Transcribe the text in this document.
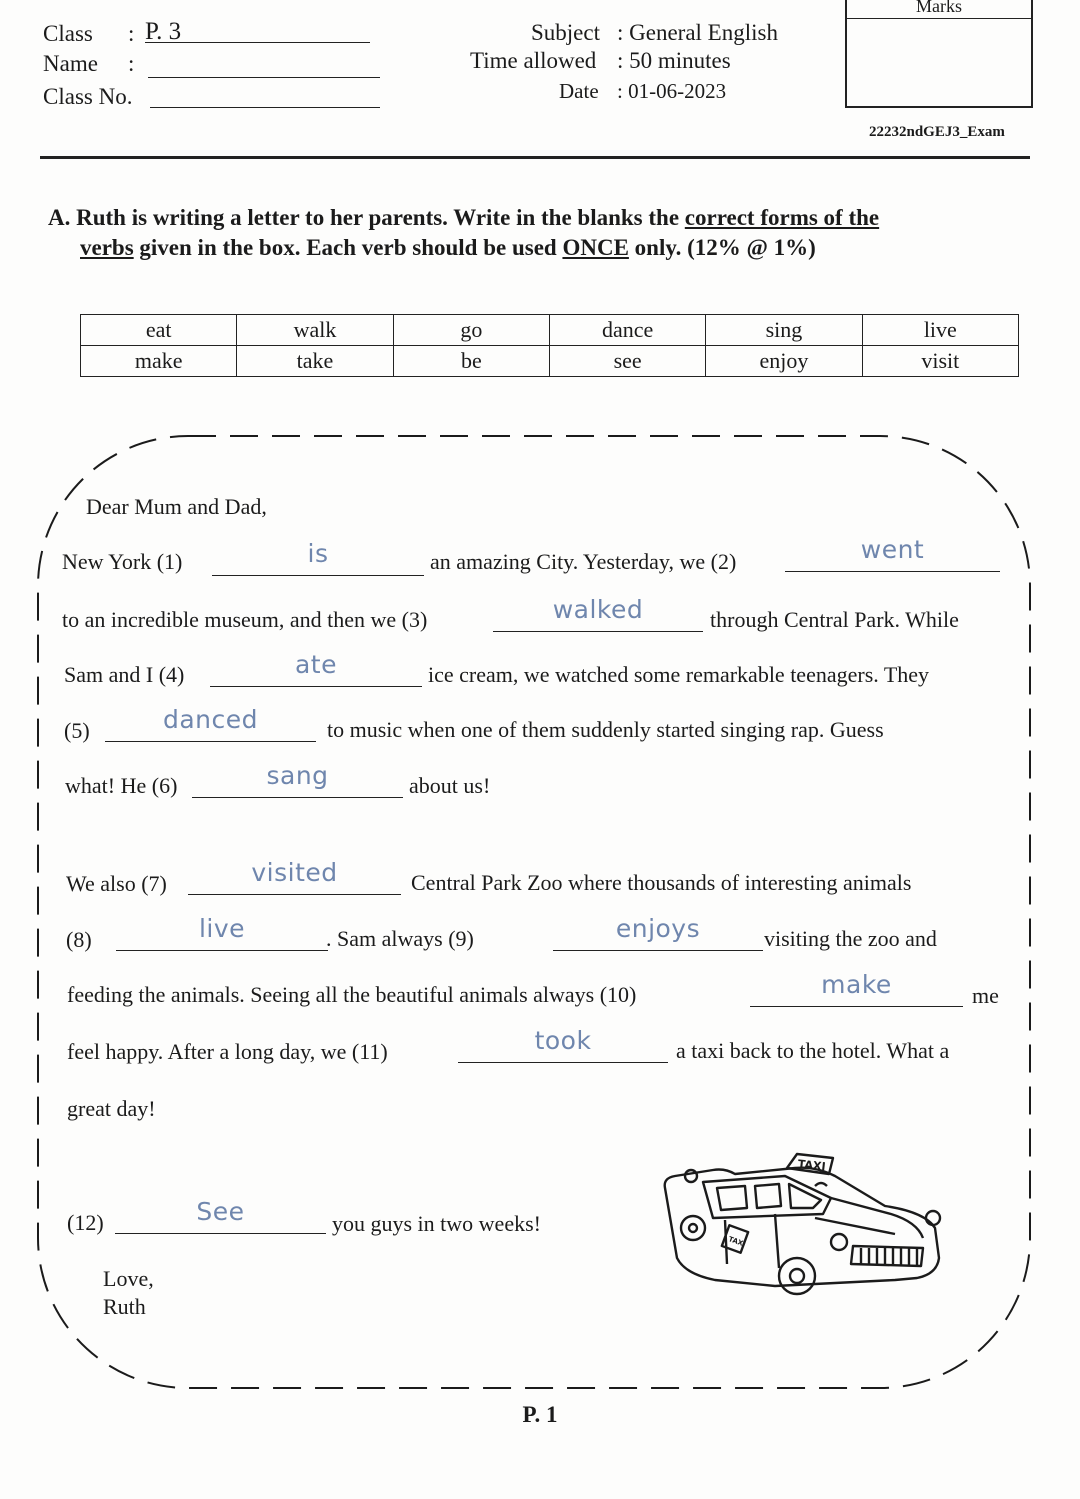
Class : P. 3
Name :
Class No.
Subject : General English
Time allowed : 50 minutes
Date : 01-06-2023
Marks
22232ndGEJ3_Exam
A. Ruth is writing a letter to her parents. Write in the blanks the correct forms of the
verbs given in the box. Each verb should be used ONCE only. (12% @ 1%)
eat	walk	go	dance	sing	live
make	take	be	see	enjoy	visit
Dear Mum and Dad,
New York (1)	is	an amazing City. Yesterday, we (2)	went
to an incredible museum, and then we (3)	walked	through Central Park. While
Sam and I (4)	ate	ice cream, we watched some remarkable teenagers. They
(5)	danced	to music when one of them suddenly started singing rap. Guess
what! He (6)	sang	about us!
We also (7)	visited	Central Park Zoo where thousands of interesting animals
(8)	live	. Sam always (9)	enjoys	visiting the zoo and
feeding the animals. Seeing all the beautiful animals always (10)	make	me
feel happy. After a long day, we (11)	took	a taxi back to the hotel. What a
great day!
(12)	See	you guys in two weeks!
Love,
Ruth
TAXI
TAXI
P. 1
